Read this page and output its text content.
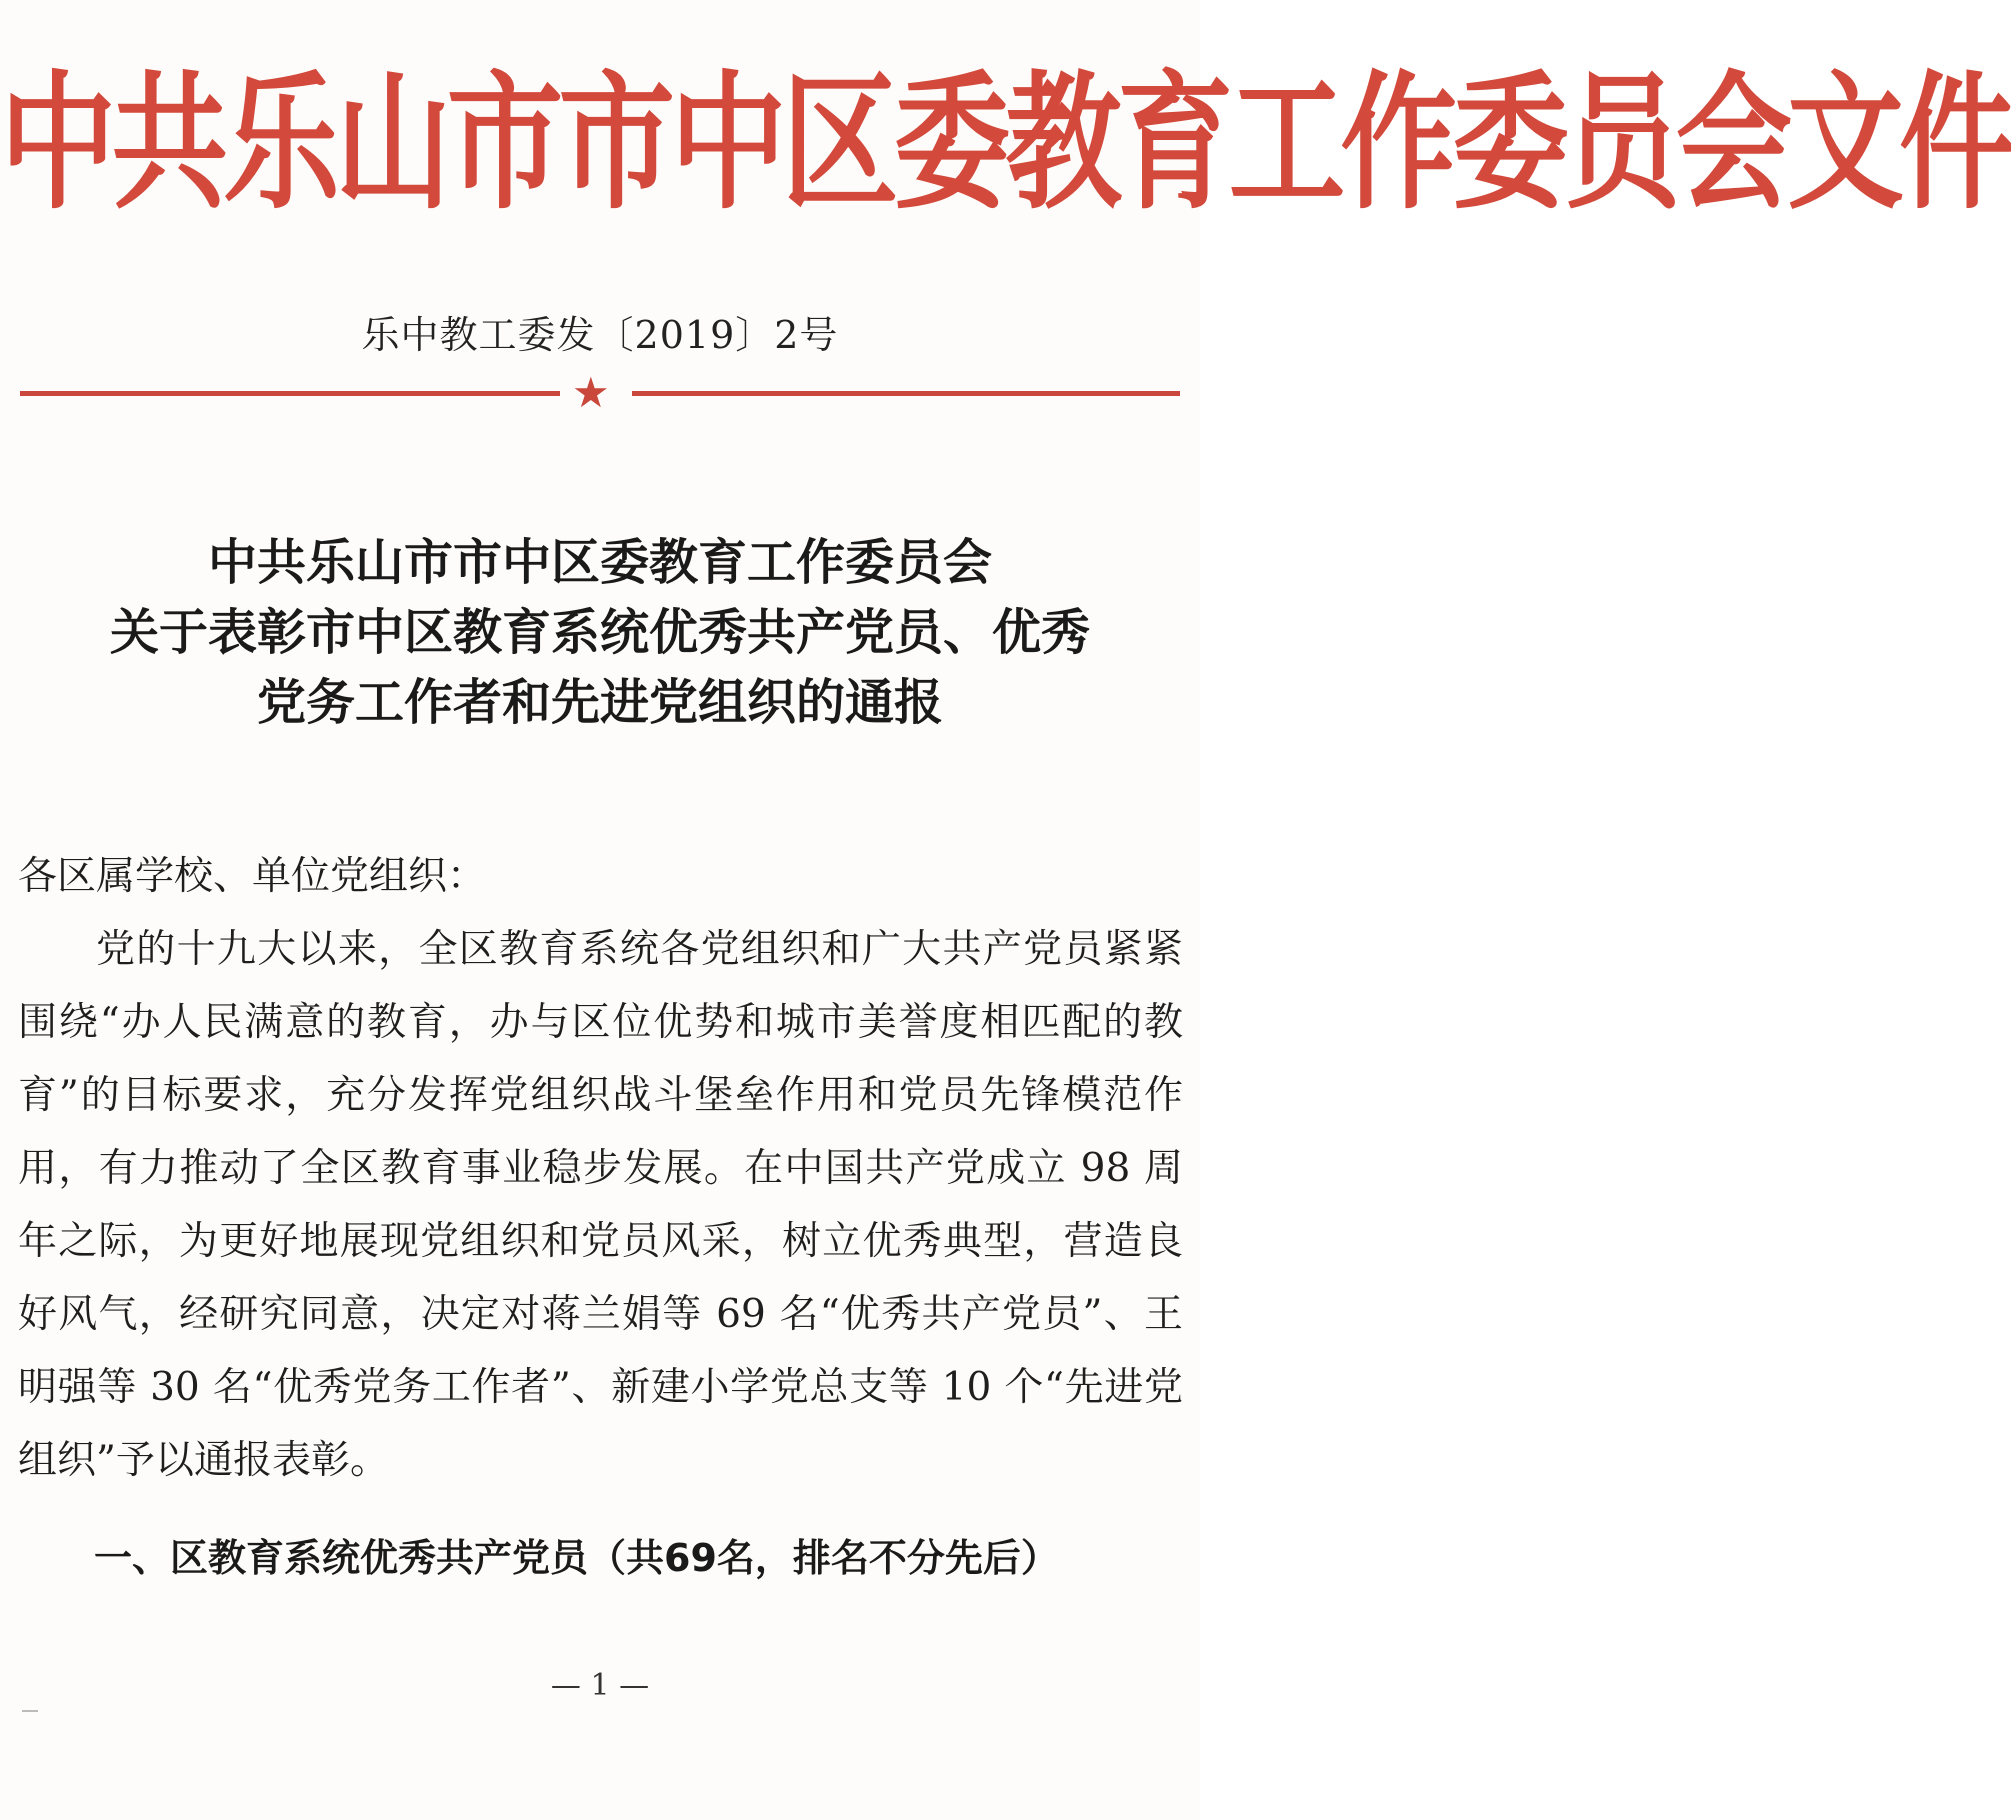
中共乐山市市中区委教育工作委员会文件
乐中教工委发〔2019〕2号
★
中共乐山市市中区委教育工作委员会
关于表彰市中区教育系统优秀共产党员、优秀
党务工作者和先进党组织的通报
各区属学校、单位党组织：
党的十九大以来，全区教育系统各党组织和广大共产党员紧紧围绕“办人民满意的教育，办与区位优势和城市美誉度相匹配的教育”的目标要求，充分发挥党组织战斗堡垒作用和党员先锋模范作用，有力推动了全区教育事业稳步发展。在中国共产党成立 98 周年之际，为更好地展现党组织和党员风采，树立优秀典型，营造良好风气，经研究同意，决定对蒋兰娟等 69 名“优秀共产党员”、王明强等 30 名“优秀党务工作者”、新建小学党总支等 10 个“先进党组织”予以通报表彰。
一、区教育系统优秀共产党员（共69名，排名不分先后）
— 1 —
